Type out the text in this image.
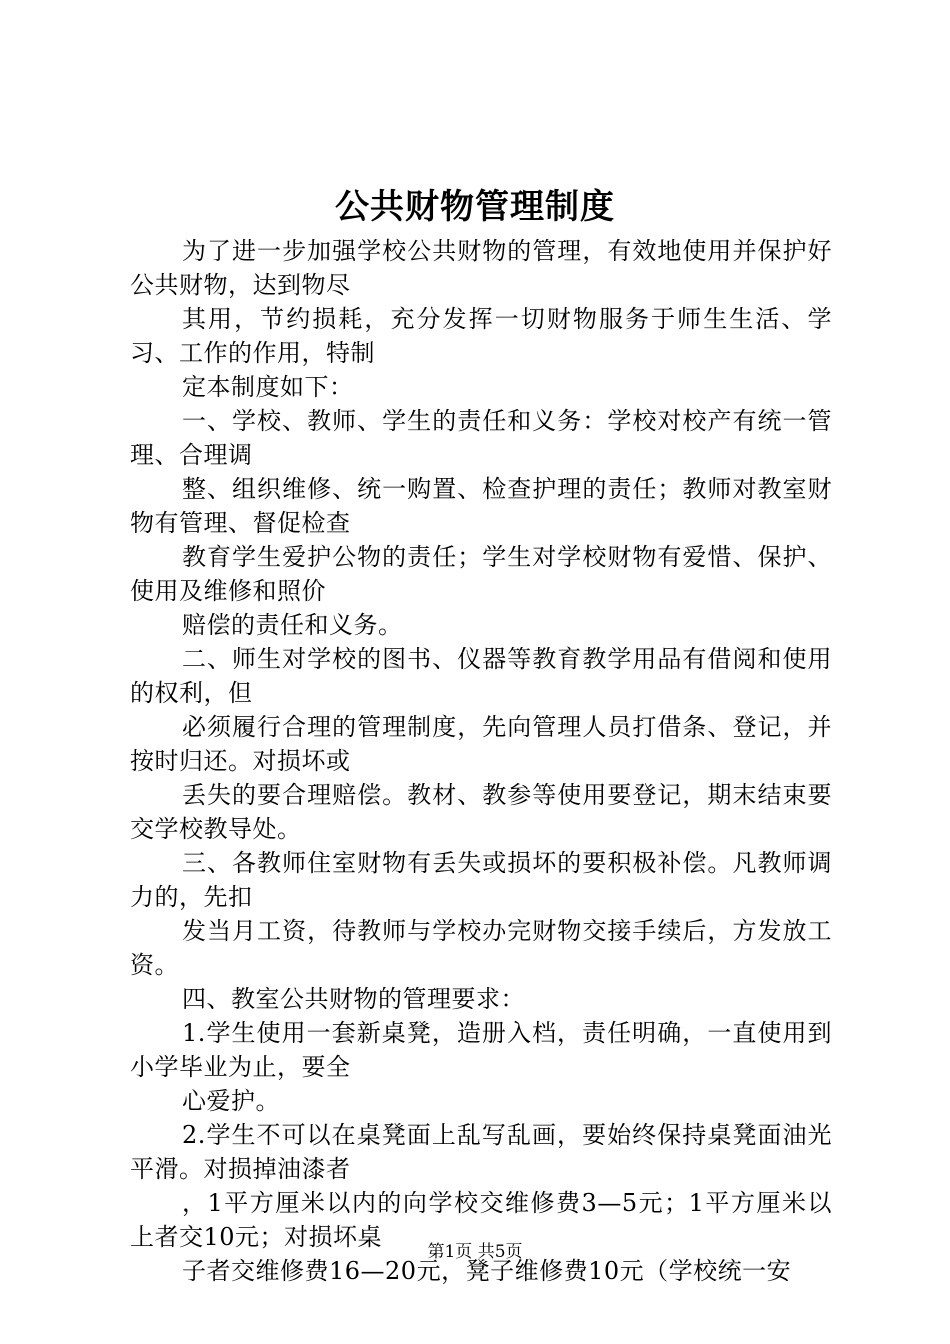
公共财物管理制度

为了进一步加强学校公共财物的管理，有效地使用并保护好公共财物，达到物尽

其用，节约损耗，充分发挥一切财物服务于师生生活、学习、工作的作用，特制

定本制度如下：

一、学校、教师、学生的责任和义务：学校对校产有统一管理、合理调

整、组织维修、统一购置、检查护理的责任；教师对教室财物有管理、督促检查

教育学生爱护公物的责任；学生对学校财物有爱惜、保护、使用及维修和照价

赔偿的责任和义务。

二、师生对学校的图书、仪器等教育教学用品有借阅和使用的权利，但

必须履行合理的管理制度，先向管理人员打借条、登记，并按时归还。对损坏或

丢失的要合理赔偿。教材、教参等使用要登记，期末结束要交学校教导处。

三、各教师住室财物有丢失或损坏的要积极补偿。凡教师调力的，先扣

发当月工资，待教师与学校办完财物交接手续后，方发放工资。

四、教室公共财物的管理要求：

1.学生使用一套新桌凳，造册入档，责任明确，一直使用到小学毕业为止，要全

心爱护。

2.学生不可以在桌凳面上乱写乱画，要始终保持桌凳面油光平滑。对损掉油漆者

，1平方厘米以内的向学校交维修费3—5元；1平方厘米以上者交10元；对损坏桌

子者交维修费16—20元，凳子维修费10元（学校统一安

第1页 共5页
